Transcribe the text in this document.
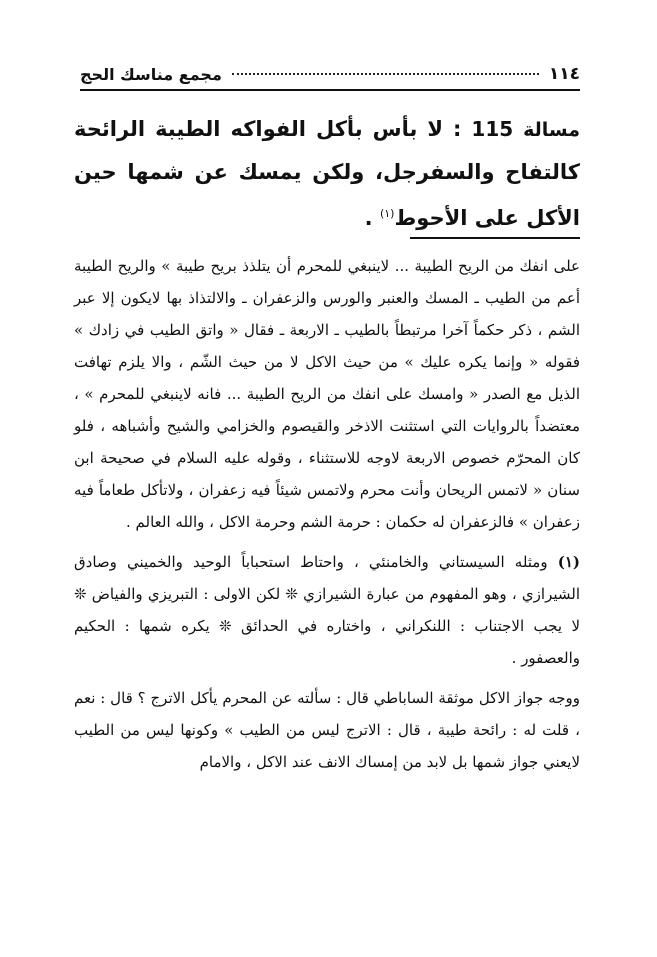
١١٤
مجمع مناسك الحج
مسالة 115 : لا بأس بأكل الفواكه الطيبة الرائحة كالتفاح والسفرجل، ولكن يمسك عن شمها حين الأكل على الأحوط$^{(١)}$ .

على انفك من الريح الطيبة ... لاينبغي للمحرم أن يتلذذ بريح طيبة » والريح الطيبة أعم من الطيب ـ المسك والعنبر والورس والزعفران ـ والالتذاذ بها لايكون إلا عبر الشم ، ذكر حكماً آخرا مرتبطاً بالطيب ـ الاربعة ـ فقال « واتق الطيب في زادك » فقوله « وإنما يكره عليك » من حيث الاكل لا من حيث الشّم ، والا يلزم تهافت الذيل مع الصدر « وامسك على انفك من الريح الطيبة ... فانه لاينبغي للمحرم » ، معتضداً بالروايات التي استثنت الاذخر والقيصوم والخزامي والشيح وأشباهه ، فلو كان المحرّم خصوص الاربعة لاوجه للاستثناء ، وقوله عليه السلام في صحيحة ابن سنان « لاتمس الريحان وأنت محرم ولاتمس شيئاً فيه زعفران ، ولاتأكل طعاماً فيه زعفران » فالزعفران له حكمان : حرمة الشم وحرمة الاكل ، والله العالم .

(١) ومثله السيستاني والخامنئي ، واحتاط استحباباً الوحيد والخميني وصادق الشيرازي ، وهو المفهوم من عبارة الشيرازي ❊ لكن الاولى : التبريزي والفياض ❊ لا يجب الاجتناب : اللنكراني ، واختاره في الحدائق ❊ يكره شمها : الحكيم والعصفور .

ووجه جواز الاكل موثقة الساباطي قال : سألته عن المحرم يأكل الاترج ؟ قال : نعم ، قلت له : رائحة طيبة ، قال : الاترج ليس من الطيب » وكونها ليس من الطيب لايعني جواز شمها بل لابد من إمساك الانف عند الاكل ، والامام
